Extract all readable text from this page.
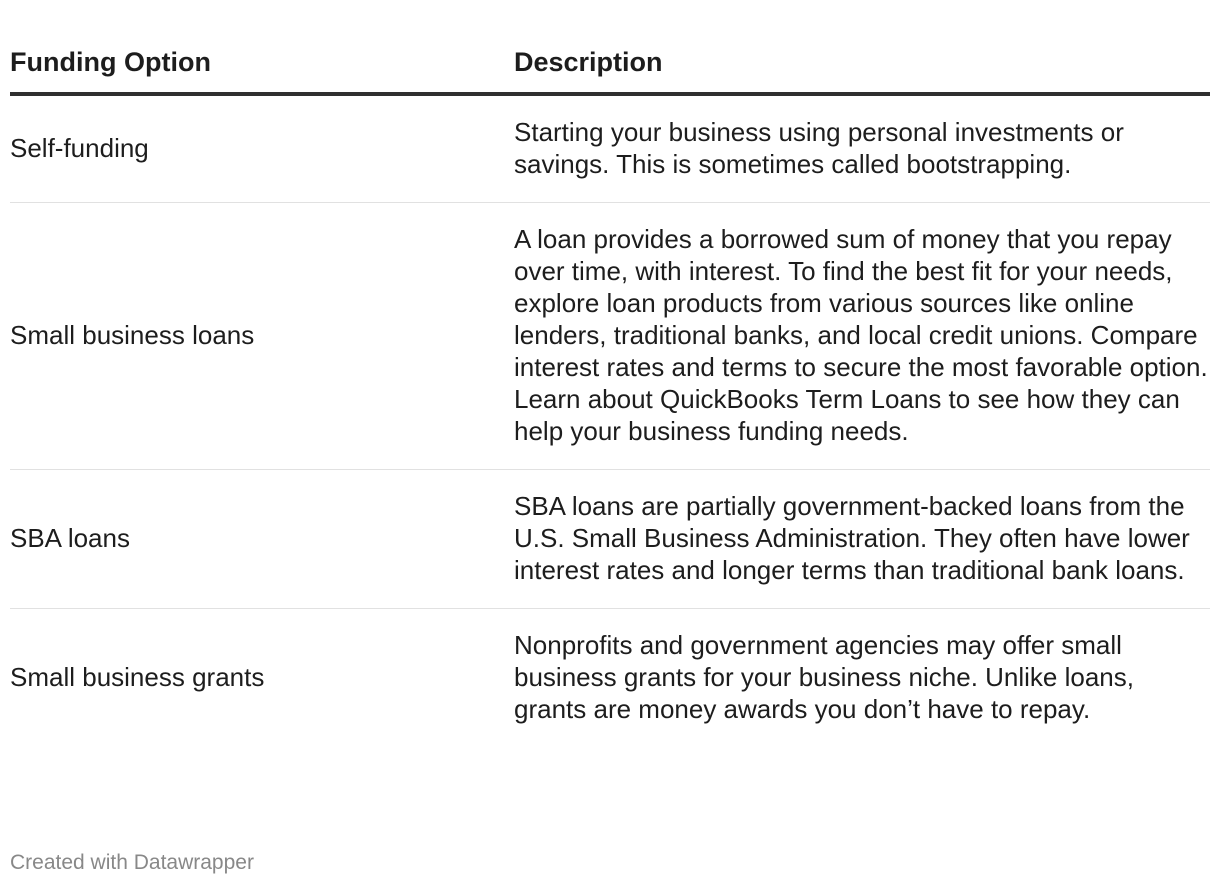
Funding Option	Description
Self-funding	Starting your business using personal investments or savings. This is sometimes called bootstrapping.
Small business loans	A loan provides a borrowed sum of money that you repay over time, with interest. To find the best fit for your needs, explore loan products from various sources like online lenders, traditional banks, and local credit unions. Compare interest rates and terms to secure the most favorable option. Learn about QuickBooks Term Loans to see how they can help your business funding needs.
SBA loans	SBA loans are partially government-backed loans from the U.S. Small Business Administration. They often have lower interest rates and longer terms than traditional bank loans.
Small business grants	Nonprofits and government agencies may offer small business grants for your business niche. Unlike loans, grants are money awards you don’t have to repay.
Created with Datawrapper
